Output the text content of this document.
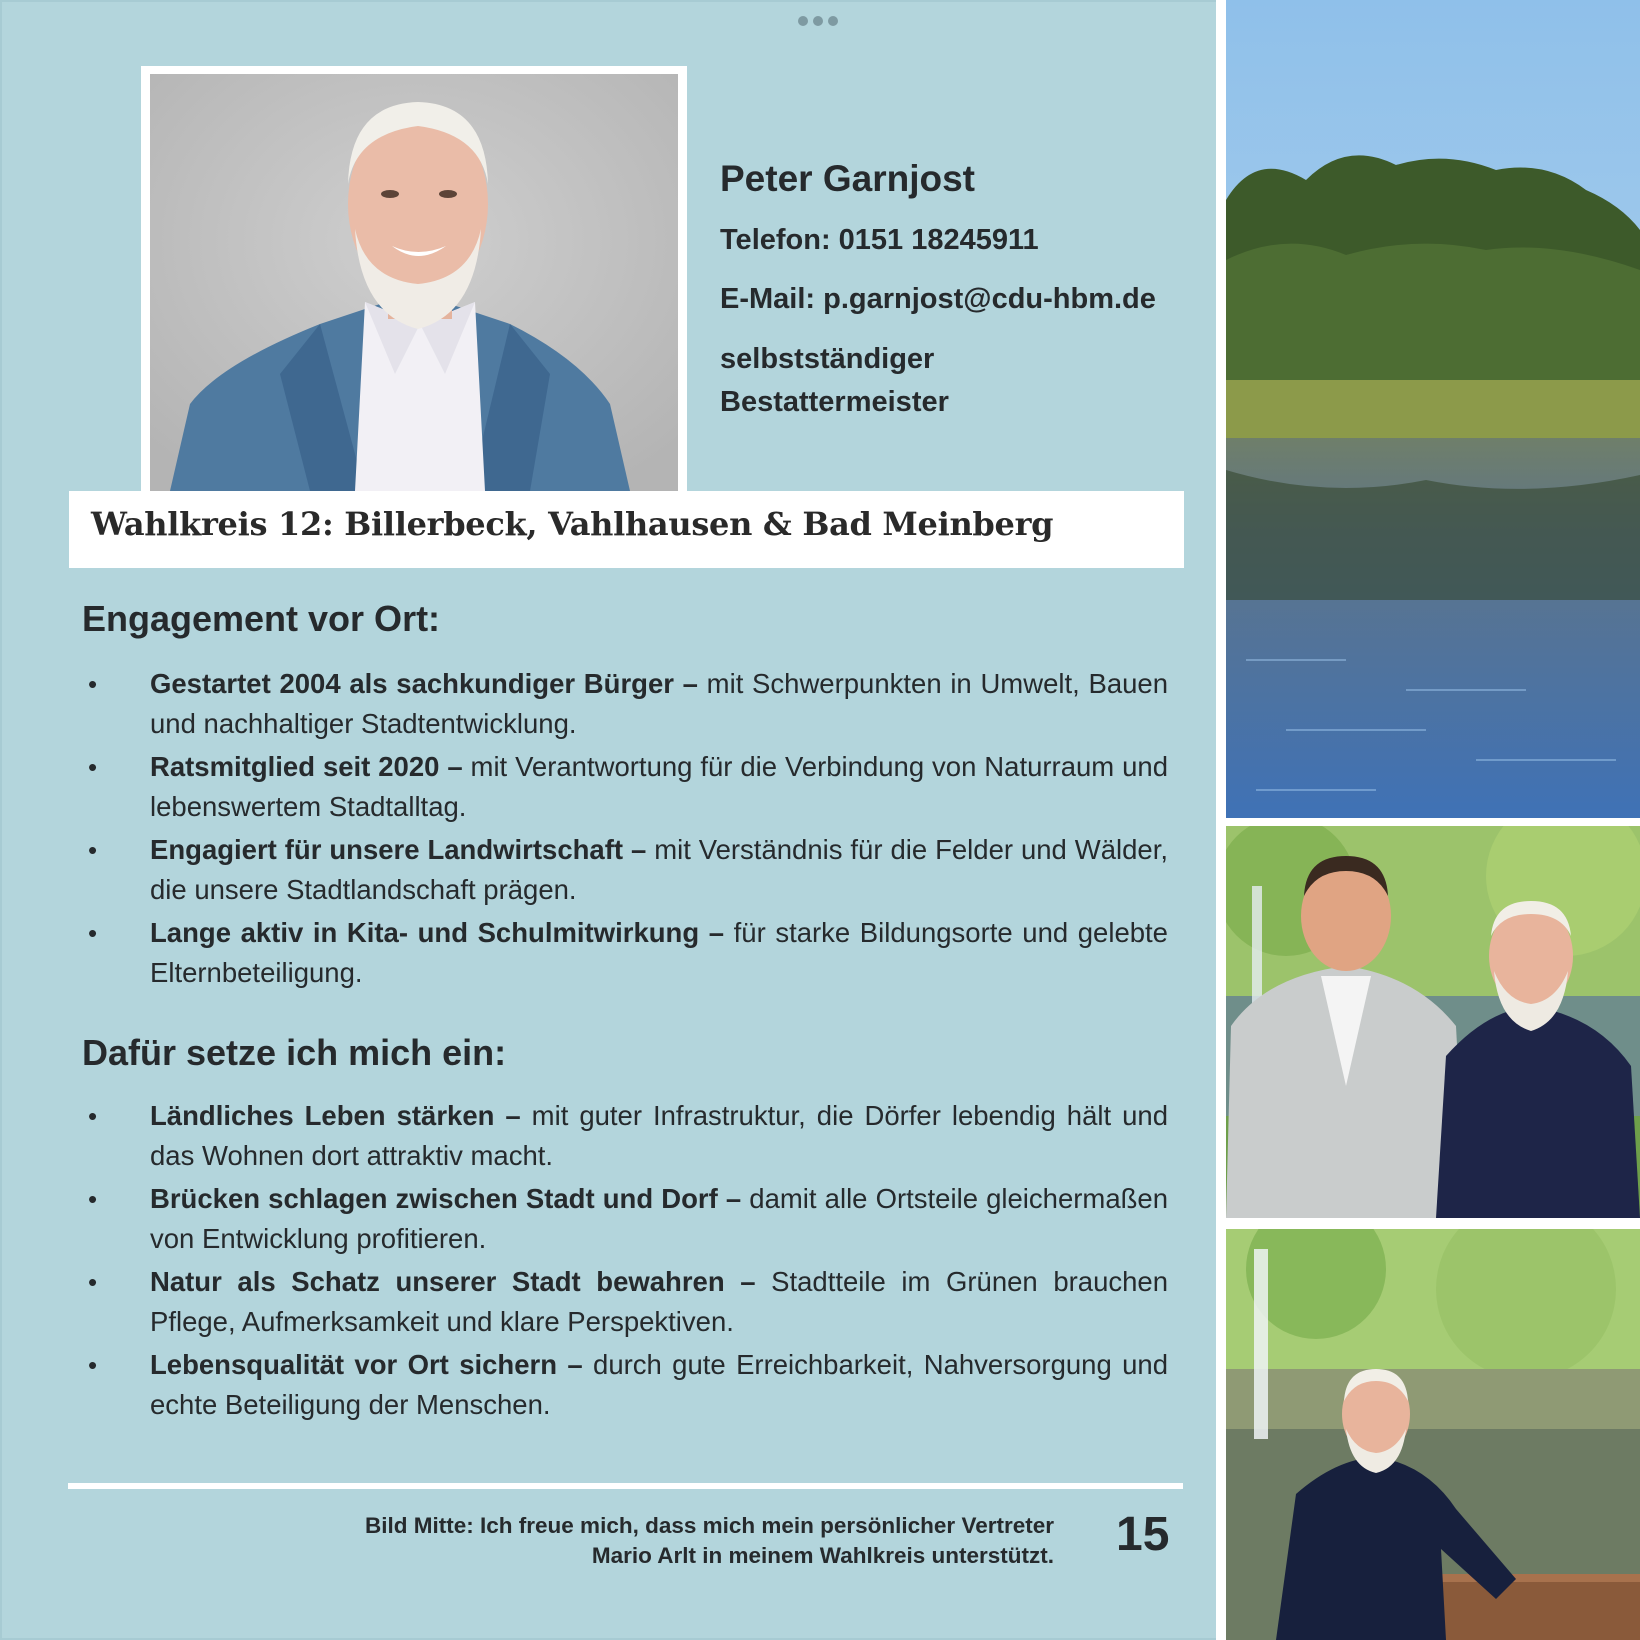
Peter Garnjost
Telefon: 0151 18245911
E-Mail: p.garnjost@cdu-hbm.de
selbstständiger
Bestattermeister
Wahlkreis 12: Billerbeck, Vahlhausen & Bad Meinberg
Engagement vor Ort:
• Gestartet 2004 als sachkundiger Bürger – mit Schwerpunkten in Umwelt, Bauen und nachhaltiger Stadtentwicklung.
• Ratsmitglied seit 2020 – mit Verantwortung für die Verbindung von Naturraum und lebenswertem Stadtalltag.
• Engagiert für unsere Landwirtschaft – mit Verständnis für die Felder und Wälder, die unsere Stadtlandschaft prägen.
• Lange aktiv in Kita- und Schulmitwirkung – für starke Bildungsorte und gelebte Elternbeteiligung.
Dafür setze ich mich ein:
• Ländliches Leben stärken – mit guter Infrastruktur, die Dörfer lebendig hält und das Wohnen dort attraktiv macht.
• Brücken schlagen zwischen Stadt und Dorf – damit alle Ortsteile gleichermaßen von Entwicklung profitieren.
• Natur als Schatz unserer Stadt bewahren – Stadtteile im Grünen brauchen Pflege, Aufmerksamkeit und klare Perspektiven.
• Lebensqualität vor Ort sichern – durch gute Erreichbarkeit, Nahversorgung und echte Beteiligung der Menschen.
Bild Mitte: Ich freue mich, dass mich mein persönlicher Vertreter
Mario Arlt in meinem Wahlkreis unterstützt. 15
